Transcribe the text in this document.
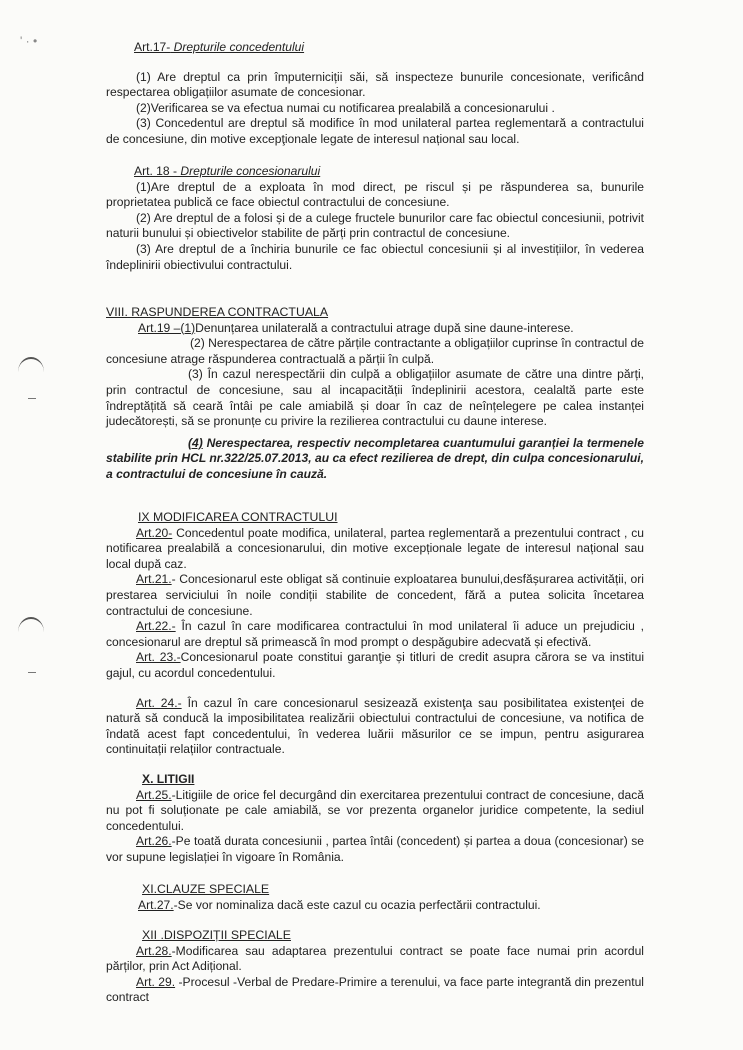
' · •	Art.17- Drepturile concedentului

(1) Are dreptul ca prin împuterniciții săi, să inspecteze bunurile concesionate, verificând respectarea obligațiilor asumate de concesionar.

(2)Verificarea se va efectua numai cu notificarea prealabilă a concesionarului .

(3) Concedentul are dreptul să modifice în mod unilateral partea reglementară a contractului de concesiune, din motive excepţionale legate de interesul național sau local.

Art. 18 - Drepturile concesionarului

(1)Are dreptul de a exploata în mod direct, pe riscul și pe răspunderea sa, bunurile proprietatea publică ce face obiectul contractului de concesiune.

(2) Are dreptul de a folosi și de a culege fructele bunurilor care fac obiectul concesiunii, potrivit naturii bunului și obiectivelor stabilite de părți prin contractul de concesiune.

(3) Are dreptul de a închiria bunurile ce fac obiectul concesiunii și al investițiilor, în vederea îndeplinirii obiectivului contractului.

VIII. RASPUNDEREA CONTRACTUALA

Art.19 –(1)Denunțarea unilaterală a contractului atrage după sine daune-interese.

(2) Nerespectarea de către părțile contractante a obligațiilor cuprinse în contractul de concesiune atrage răspunderea contractuală a părții în culpă.

(3) În cazul nerespectării din culpă a obligațiilor asumate de către una dintre părți, prin contractul de concesiune, sau al incapacității îndeplinirii acestora, cealaltă parte este îndreptățită să ceară întâi pe cale amiabilă și doar în caz de neînțelegere pe calea instanței judecătorești, să se pronunțe cu privire la rezilierea contractului cu daune interese.

(4) Nerespectarea, respectiv necompletarea cuantumului garanției la termenele stabilite prin HCL nr.322/25.07.2013, au ca efect rezilierea de drept, din culpa concesionarului, a contractului de concesiune în cauză.

IX MODIFICAREA CONTRACTULUI

Art.20- Concedentul poate modifica, unilateral, partea reglementară a prezentului contract , cu notificarea prealabilă a concesionarului, din motive excepționale legate de interesul național sau local după caz.

Art.21.- Concesionarul este obligat să continuie exploatarea bunului,desfășurarea activității, ori prestarea serviciului în noile condiții stabilite de concedent, fără a putea solicita încetarea contractului de concesiune.

Art.22.- În cazul în care modificarea contractului în mod unilateral îi aduce un prejudiciu , concesionarul are dreptul să primească în mod prompt o despăgubire adecvată și efectivă.

Art. 23.-Concesionarul poate constitui garanţie și titluri de credit asupra cărora se va institui gajul, cu acordul concedentului.

Art. 24.- În cazul în care concesionarul sesizează existenţa sau posibilitatea existenţei de natură să conducă la imposibilitatea realizării obiectului contractului de concesiune, va notifica de îndată acest fapt concedentului, în vederea luării măsurilor ce se impun, pentru asigurarea continuitații relațiilor contractuale.

X. LITIGII

Art.25.-Litigiile de orice fel decurgând din exercitarea prezentului contract de concesiune, dacă nu pot fi soluționate pe cale amiabilă, se vor prezenta organelor juridice competente, la sediul concedentului.

Art.26.-Pe toată durata concesiunii , partea întâi (concedent) și partea a doua (concesionar) se vor supune legislației în vigoare în România.

XI.CLAUZE SPECIALE

Art.27.-Se vor nominaliza dacă este cazul cu ocazia perfectării contractului.

XII .DISPOZIȚII SPECIALE

Art.28.-Modificarea sau adaptarea prezentului contract se poate face numai prin acordul părților, prin Act Adițional.

Art. 29. -Procesul -Verbal de Predare-Primire a terenului, va face parte integrantă din prezentul contract
